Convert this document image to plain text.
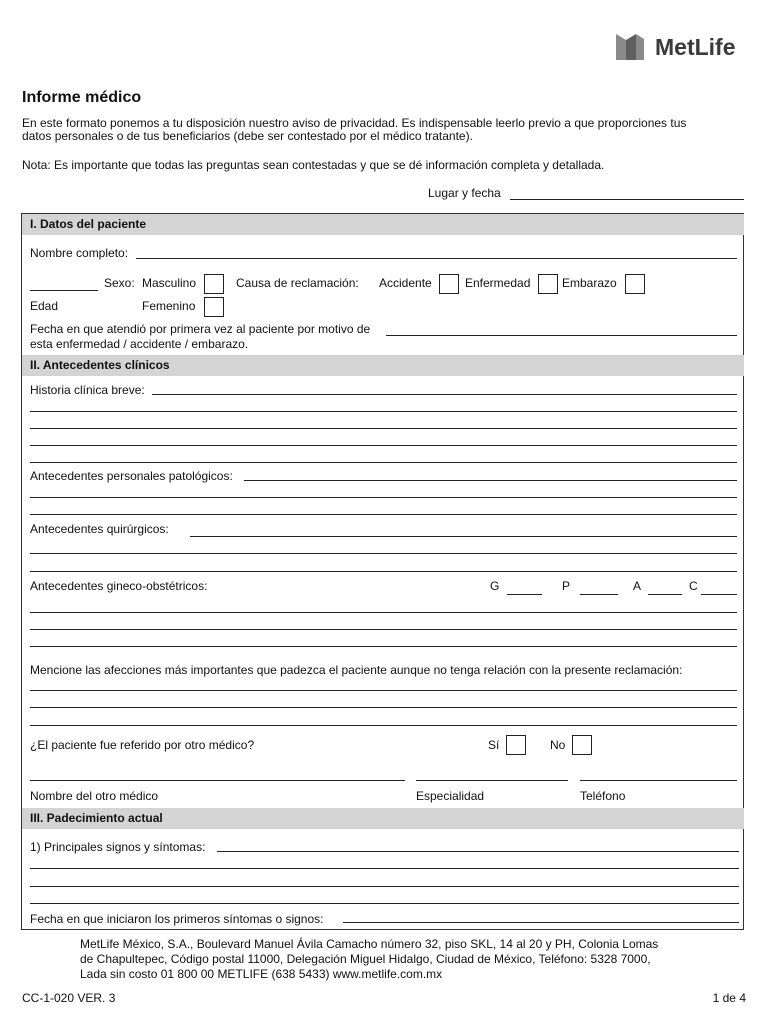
MetLife
Informe médico
En este formato ponemos a tu disposición nuestro aviso de privacidad. Es indispensable leerlo previo a que proporciones tus
datos personales o de tus beneficiarios (debe ser contestado por el médico tratante).
Nota: Es importante que todas las preguntas sean contestadas y que se dé información completa y detallada.
Lugar y fecha
I. Datos del paciente
Nombre completo:
Edad
Sexo: Masculino
Femenino
Causa de reclamación: Accidente	Enfermedad	Embarazo
Fecha en que atendió por primera vez al paciente por motivo de
esta enfermedad / accidente / embarazo.
II. Antecedentes clínicos
Historia clínica breve:
Antecedentes personales patológicos:
Antecedentes quirúrgicos:
Antecedentes gineco-obstétricos:	G	P	A	C
Mencione las afecciones más importantes que padezca el paciente aunque no tenga relación con la presente reclamación:
¿El paciente fue referido por otro médico?	Sí	No
Nombre del otro médico	Especialidad	Teléfono
III. Padecimiento actual
1) Principales signos y síntomas:
Fecha en que iniciaron los primeros síntomas o signos:
MetLife México, S.A., Boulevard Manuel Ávila Camacho número 32, piso SKL, 14 al 20 y PH, Colonia Lomas
de Chapultepec, Código postal 11000, Delegación Miguel Hidalgo, Ciudad de México, Teléfono: 5328 7000,
Lada sin costo 01 800 00 METLIFE (638 5433) www.metlife.com.mx
CC-1-020 VER. 3	1 de 4
